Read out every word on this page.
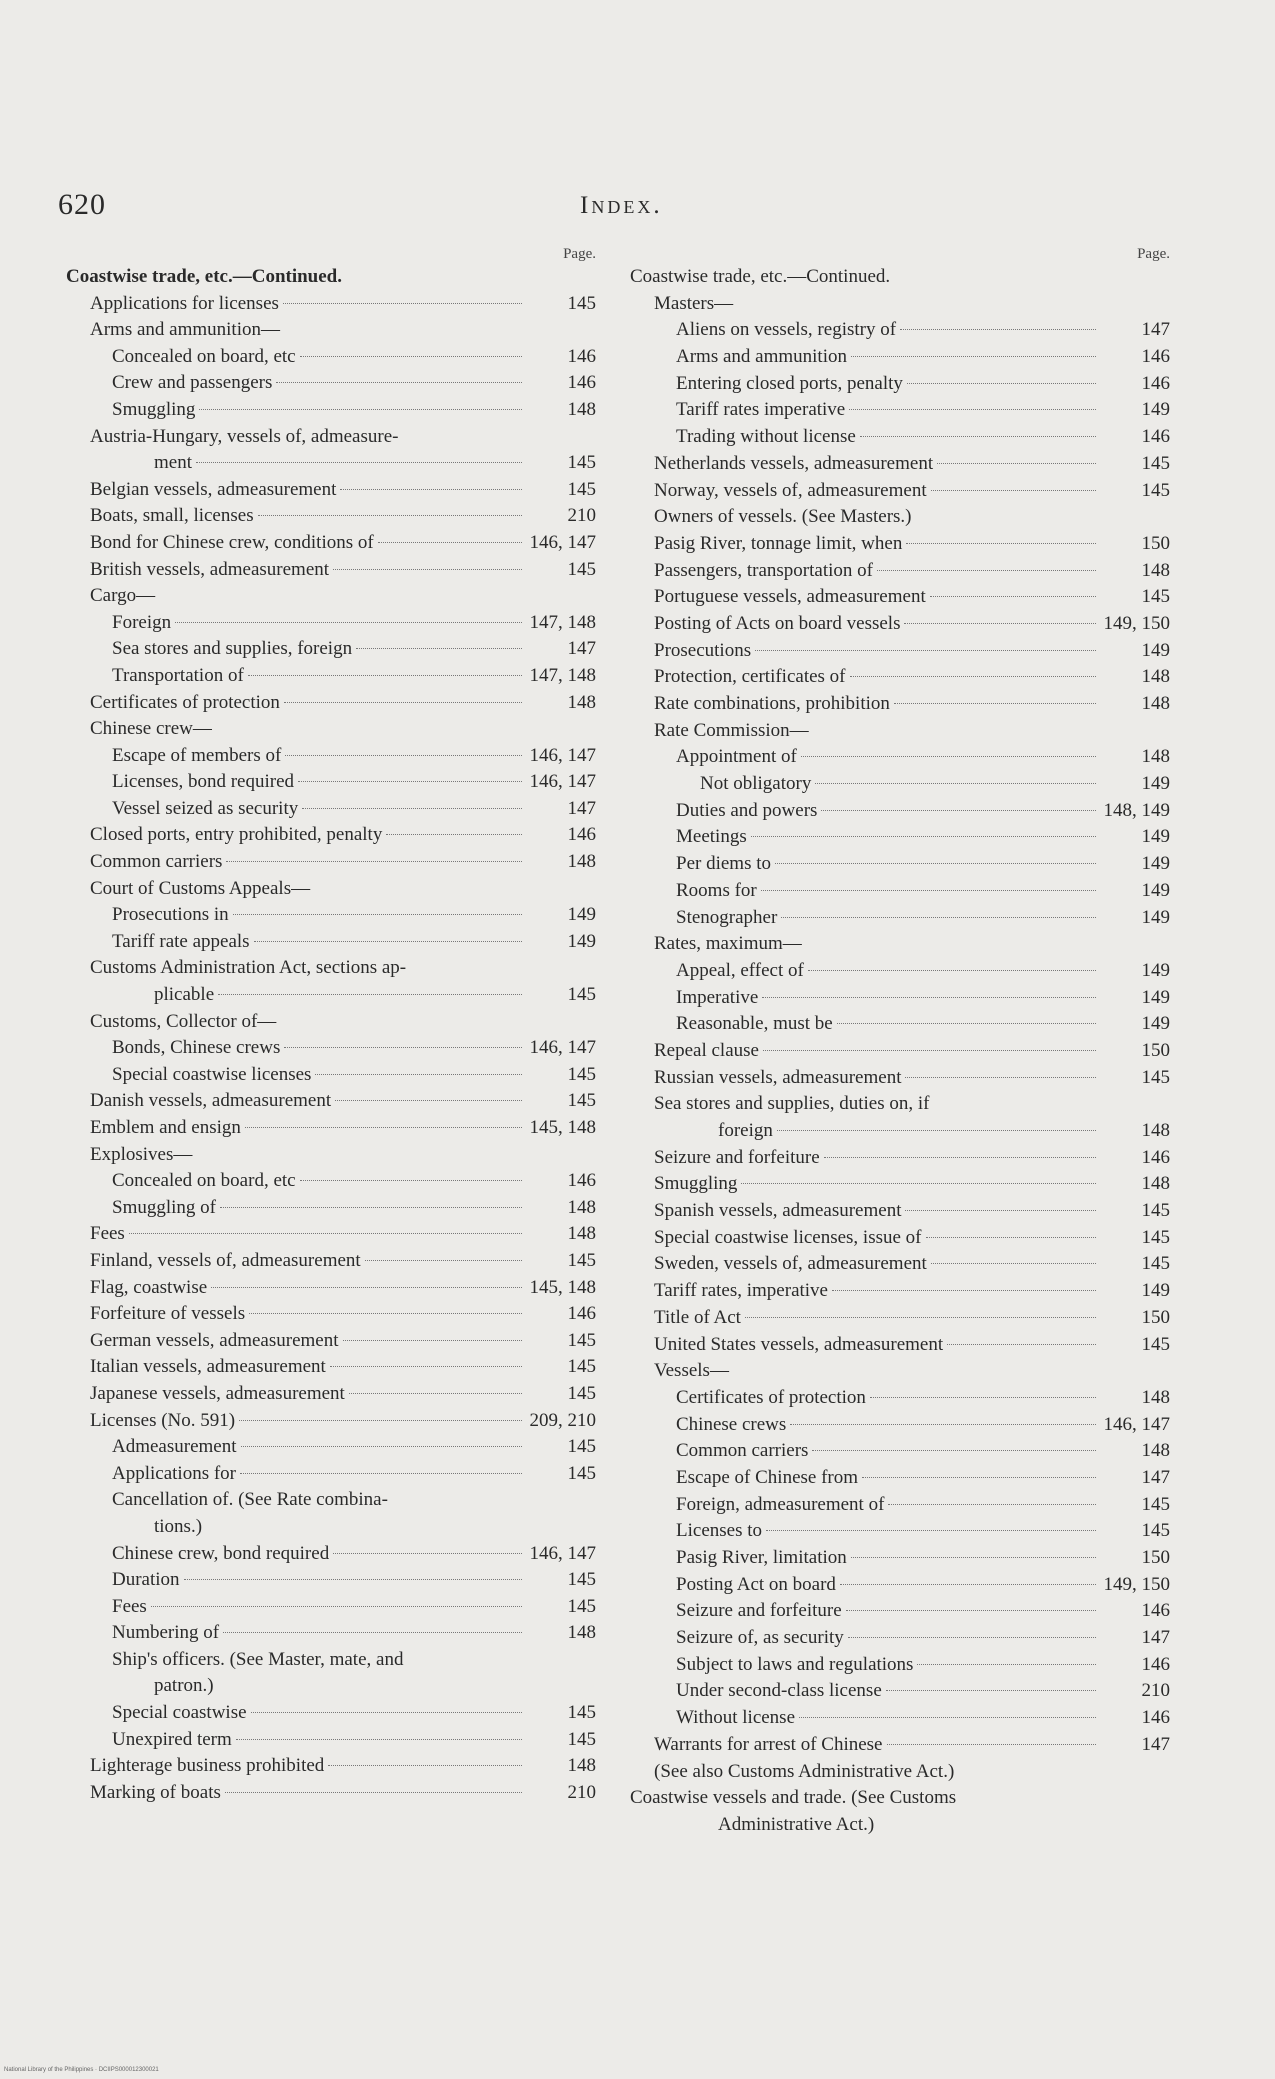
620	Index.
Page.
Coastwise trade, etc.—Continued.
Applications for licenses	145
Arms and ammunition—
Concealed on board, etc	146
Crew and passengers	146
Smuggling	148
Austria-Hungary, vessels of, admeasure-
ment	145
Belgian vessels, admeasurement	145
Boats, small, licenses	210
Bond for Chinese crew, conditions of	146, 147
British vessels, admeasurement	145
Cargo—
Foreign	147, 148
Sea stores and supplies, foreign	147
Transportation of	147, 148
Certificates of protection	148
Chinese crew—
Escape of members of	146, 147
Licenses, bond required	146, 147
Vessel seized as security	147
Closed ports, entry prohibited, penalty	146
Common carriers	148
Court of Customs Appeals—
Prosecutions in	149
Tariff rate appeals	149
Customs Administration Act, sections ap-
plicable	145
Customs, Collector of—
Bonds, Chinese crews	146, 147
Special coastwise licenses	145
Danish vessels, admeasurement	145
Emblem and ensign	145, 148
Explosives—
Concealed on board, etc	146
Smuggling of	148
Fees	148
Finland, vessels of, admeasurement	145
Flag, coastwise	145, 148
Forfeiture of vessels	146
German vessels, admeasurement	145
Italian vessels, admeasurement	145
Japanese vessels, admeasurement	145
Licenses (No. 591)	209, 210
Admeasurement	145
Applications for	145
Cancellation of. (See Rate combina-
tions.)
Chinese crew, bond required	146, 147
Duration	145
Fees	145
Numbering of	148
Ship's officers. (See Master, mate, and
patron.)
Special coastwise	145
Unexpired term	145
Lighterage business prohibited	148
Marking of boats	210
Page.
Coastwise trade, etc.—Continued.
Masters—
Aliens on vessels, registry of	147
Arms and ammunition	146
Entering closed ports, penalty	146
Tariff rates imperative	149
Trading without license	146
Netherlands vessels, admeasurement	145
Norway, vessels of, admeasurement	145
Owners of vessels. (See Masters.)
Pasig River, tonnage limit, when	150
Passengers, transportation of	148
Portuguese vessels, admeasurement	145
Posting of Acts on board vessels	149, 150
Prosecutions	149
Protection, certificates of	148
Rate combinations, prohibition	148
Rate Commission—
Appointment of	148
Not obligatory	149
Duties and powers	148, 149
Meetings	149
Per diems to	149
Rooms for	149
Stenographer	149
Rates, maximum—
Appeal, effect of	149
Imperative	149
Reasonable, must be	149
Repeal clause	150
Russian vessels, admeasurement	145
Sea stores and supplies, duties on, if
foreign	148
Seizure and forfeiture	146
Smuggling	148
Spanish vessels, admeasurement	145
Special coastwise licenses, issue of	145
Sweden, vessels of, admeasurement	145
Tariff rates, imperative	149
Title of Act	150
United States vessels, admeasurement	145
Vessels—
Certificates of protection	148
Chinese crews	146, 147
Common carriers	148
Escape of Chinese from	147
Foreign, admeasurement of	145
Licenses to	145
Pasig River, limitation	150
Posting Act on board	149, 150
Seizure and forfeiture	146
Seizure of, as security	147
Subject to laws and regulations	146
Under second-class license	210
Without license	146
Warrants for arrest of Chinese	147
(See also Customs Administrative Act.)
Coastwise vessels and trade. (See Customs
Administrative Act.)
National Library of the Philippines · DCIIPS000012300021
